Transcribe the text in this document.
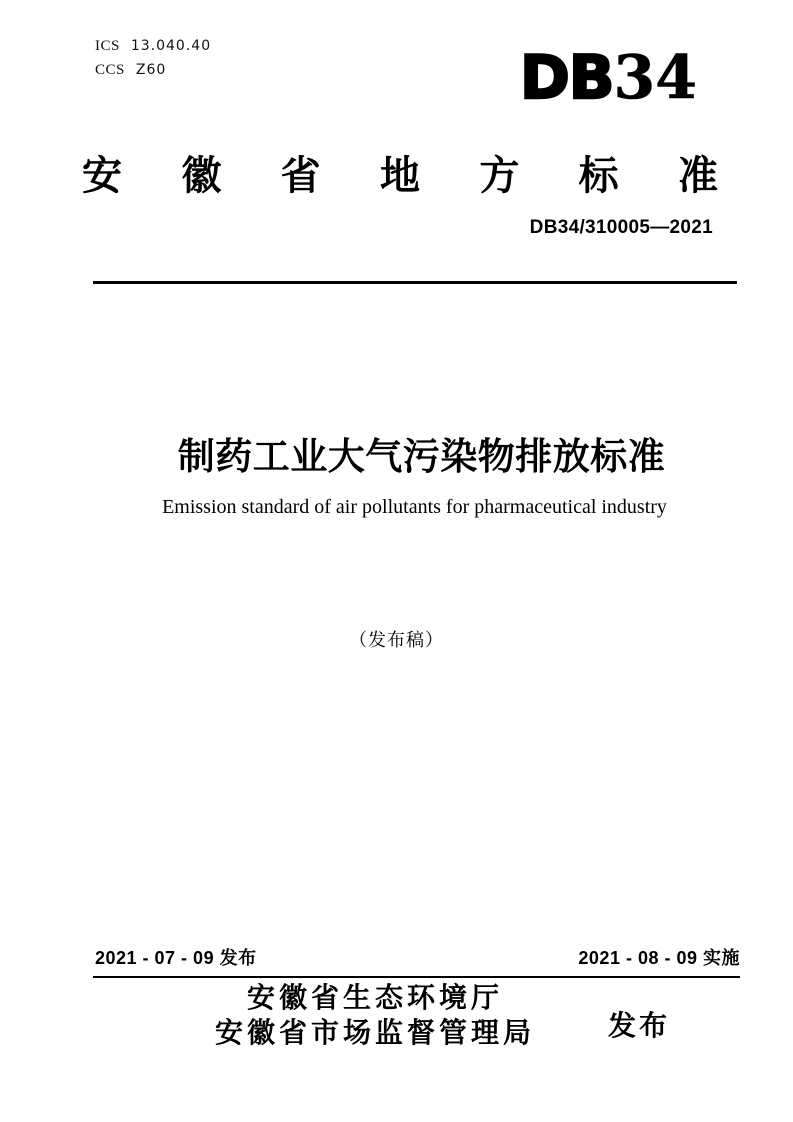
ICS 13.040.40
CCS Z60	DB34
安 徽 省 地 方 标 准
DB34/310005—2021
制药工业大气污染物排放标准
Emission standard of air pollutants for pharmaceutical industry
（发布稿）
2021 - 07 - 09 发布	2021 - 08 - 09 实施
安徽省生态环境厅
安徽省市场监督管理局	发布
